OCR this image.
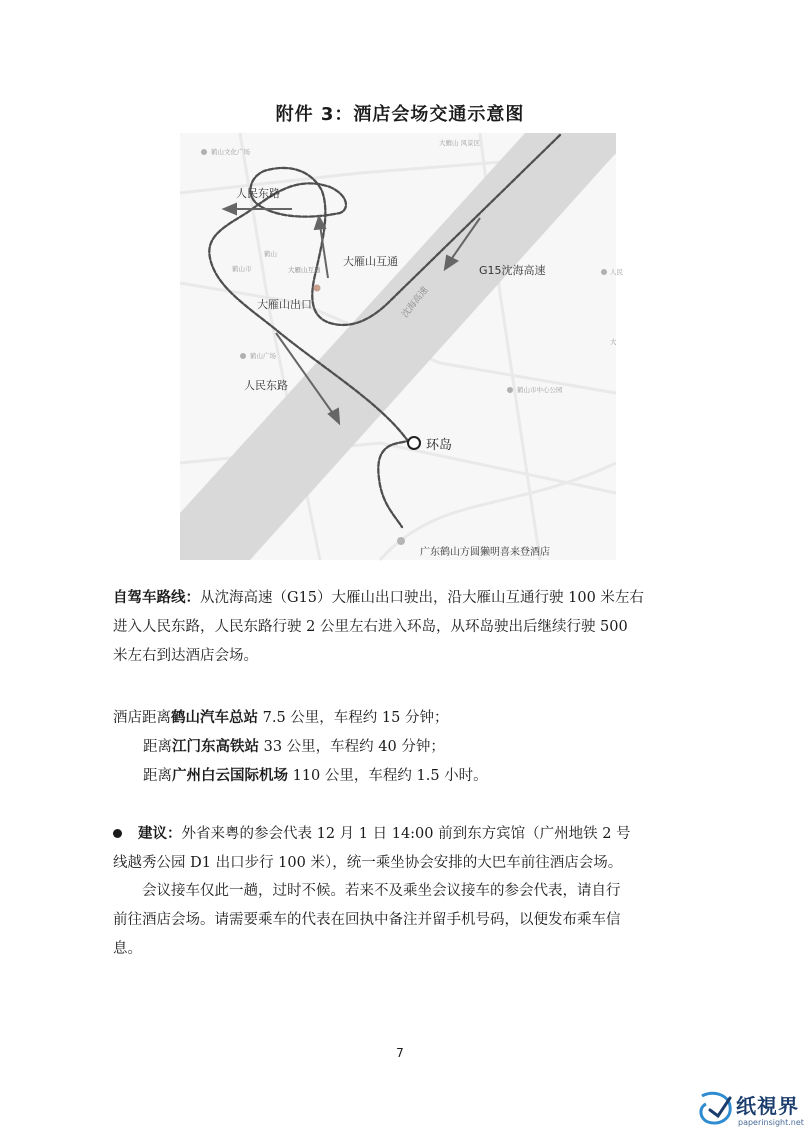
附件 3：酒店会场交通示意图
沈海高速
鹤山文化广场
大雁山 风景区
鹤山广场
鹤山
鹤山市
鹤山市中心公园
人民
大
人民东路
大雁山互通
G15沈海高速
大雁山出口
人民东路
大雁山互通
环岛
广东鹤山方圆獭明喜来登酒店
自驾车路线：从沈海高速（G15）大雁山出口驶出，沿大雁山互通行驶 100 米左右
进入人民东路，人民东路行驶 2 公里左右进入环岛，从环岛驶出后继续行驶 500
米左右到达酒店会场。
酒店距离鹤山汽车总站 7.5 公里，车程约 15 分钟；
距离江门东高铁站 33 公里，车程约 40 分钟；
距离广州白云国际机场 110 公里，车程约 1.5 小时。
建议：外省来粤的参会代表 12 月 1 日 14:00 前到东方宾馆（广州地铁 2 号
线越秀公园 D1 出口步行 100 米），统一乘坐协会安排的大巴车前往酒店会场。
会议接车仅此一趟，过时不候。若来不及乘坐会议接车的参会代表，请自行
前往酒店会场。请需要乘车的代表在回执中备注并留手机号码，以便发布乘车信
息。
7
纸視界
paperinsight.net
